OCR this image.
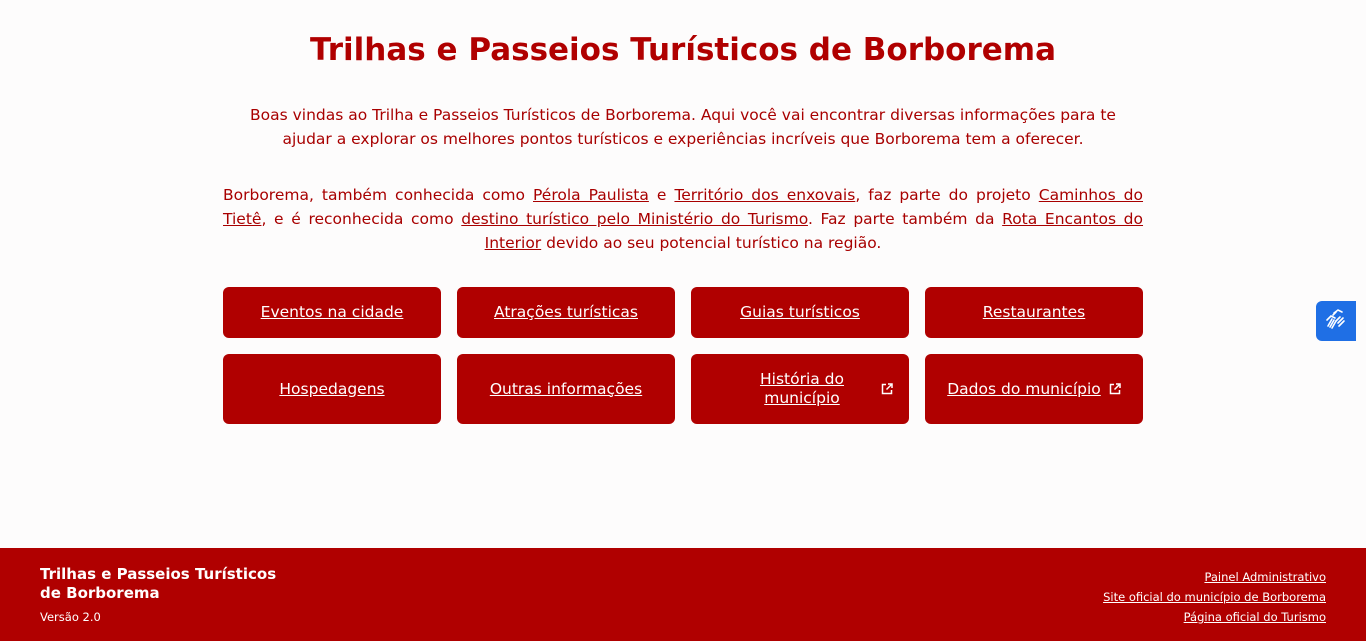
Trilhas e Passeios Turísticos de Borborema

Boas vindas ao Trilha e Passeios Turísticos de Borborema. Aqui você vai encontrar diversas informações para te ajudar a explorar os melhores pontos turísticos e experiências incríveis que Borborema tem a oferecer.

Borborema, também conhecida como Pérola Paulista e Território dos enxovais, faz parte do projeto Caminhos do Tietê, e é reconhecida como destino turístico pelo Ministério do Turismo. Faz parte também da Rota Encantos do Interior devido ao seu potencial turístico na região.

Eventos na cidade	Atrações turísticas	Guias turísticos	Restaurantes
Hospedagens	Outras informações
História do município
Dados do município
Trilhas e Passeios Turísticos de Borborema
Versão 2.0
Painel Administrativo
Site oficial do município de Borborema
Página oficial do Turismo
